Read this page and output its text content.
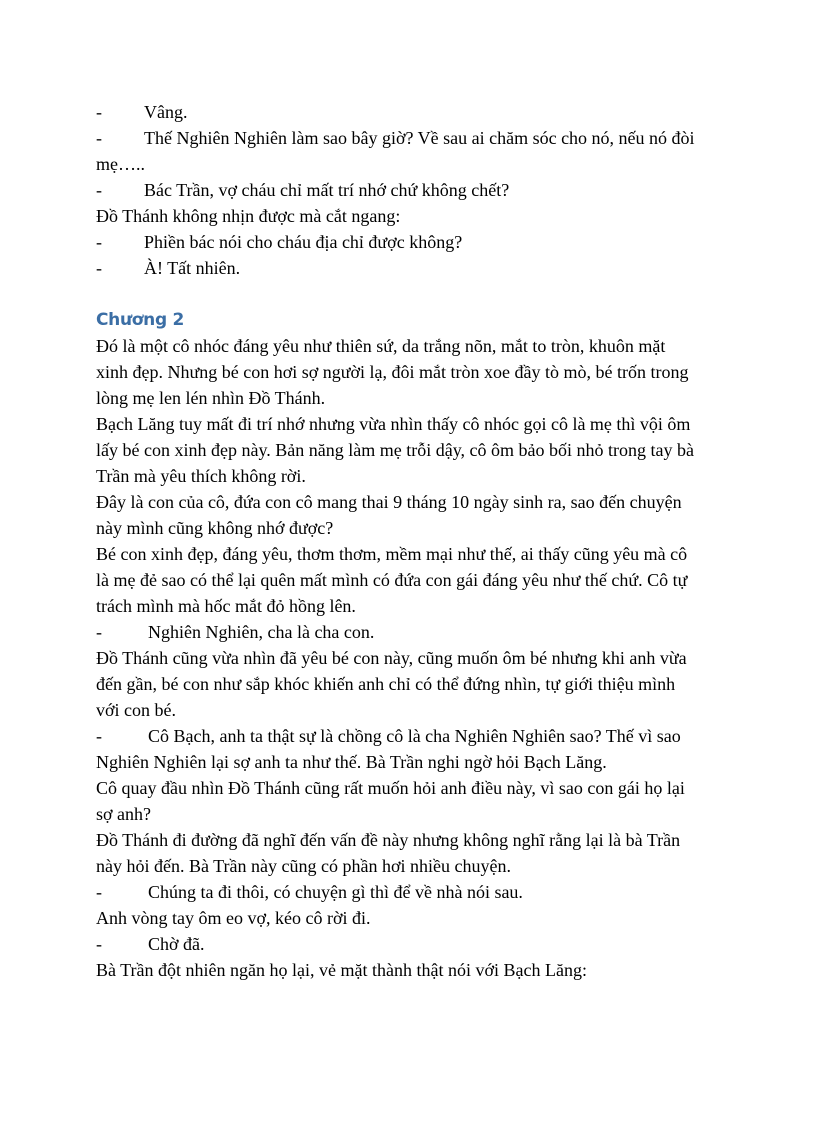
- Vâng.
- Thế Nghiên Nghiên làm sao bây giờ? Về sau ai chăm sóc cho nó, nếu nó đòi
mẹ…..
- Bác Trần, vợ cháu chỉ mất trí nhớ chứ không chết?
Đồ Thánh không nhịn được mà cắt ngang:
- Phiền bác nói cho cháu địa chỉ được không?
- À! Tất nhiên.
Chương 2
Đó là một cô nhóc đáng yêu như thiên sứ, da trắng nõn, mắt to tròn, khuôn mặt
xinh đẹp. Nhưng bé con hơi sợ người lạ, đôi mắt tròn xoe đầy tò mò, bé trốn trong
lòng mẹ len lén nhìn Đồ Thánh.
Bạch Lăng tuy mất đi trí nhớ nhưng vừa nhìn thấy cô nhóc gọi cô là mẹ thì vội ôm
lấy bé con xinh đẹp này. Bản năng làm mẹ trỗi dậy, cô ôm bảo bối nhỏ trong tay bà
Trần mà yêu thích không rời.
Đây là con của cô, đứa con cô mang thai 9 tháng 10 ngày sinh ra, sao đến chuyện
này mình cũng không nhớ được?
Bé con xinh đẹp, đáng yêu, thơm thơm, mềm mại như thế, ai thấy cũng yêu mà cô
là mẹ đẻ sao có thể lại quên mất mình có đứa con gái đáng yêu như thế chứ. Cô tự
trách mình mà hốc mắt đỏ hồng lên.
-	Nghiên Nghiên, cha là cha con.
Đồ Thánh cũng vừa nhìn đã yêu bé con này, cũng muốn ôm bé nhưng khi anh vừa
đến gần, bé con như sắp khóc khiến anh chỉ có thể đứng nhìn, tự giới thiệu mình
với con bé.
-	Cô Bạch, anh ta thật sự là chồng cô là cha Nghiên Nghiên sao? Thế vì sao
Nghiên Nghiên lại sợ anh ta như thế. Bà Trần nghi ngờ hỏi Bạch Lăng.
Cô quay đầu nhìn Đồ Thánh cũng rất muốn hỏi anh điều này, vì sao con gái họ lại
sợ anh?
Đồ Thánh đi đường đã nghĩ đến vấn đề này nhưng không nghĩ rằng lại là bà Trần
này hỏi đến. Bà Trần này cũng có phần hơi nhiều chuyện.
-	Chúng ta đi thôi, có chuyện gì thì để về nhà nói sau.
Anh vòng tay ôm eo vợ, kéo cô rời đi.
-	Chờ đã.
Bà Trần đột nhiên ngăn họ lại, vẻ mặt thành thật nói với Bạch Lăng:
